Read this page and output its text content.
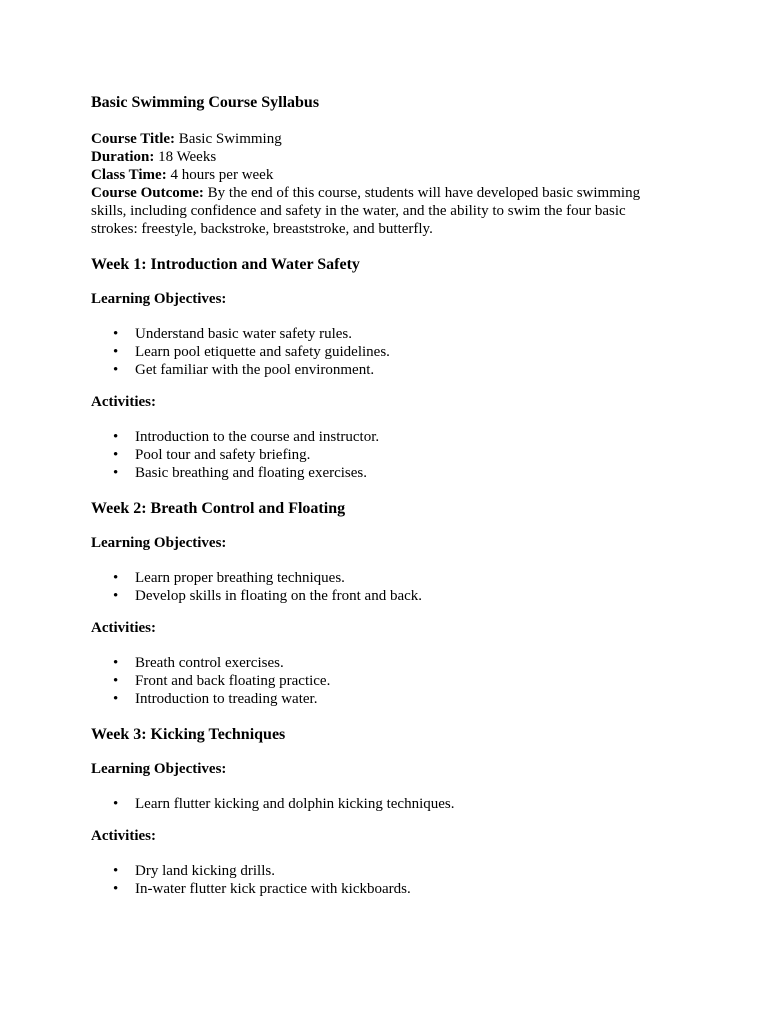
Basic Swimming Course Syllabus
Course Title: Basic Swimming
Duration: 18 Weeks
Class Time: 4 hours per week
Course Outcome: By the end of this course, students will have developed basic swimming skills, including confidence and safety in the water, and the ability to swim the four basic strokes: freestyle, backstroke, breaststroke, and butterfly.
Week 1: Introduction and Water Safety
Learning Objectives:
• Understand basic water safety rules.
• Learn pool etiquette and safety guidelines.
• Get familiar with the pool environment.
Activities:
• Introduction to the course and instructor.
• Pool tour and safety briefing.
• Basic breathing and floating exercises.
Week 2: Breath Control and Floating
Learning Objectives:
• Learn proper breathing techniques.
• Develop skills in floating on the front and back.
Activities:
• Breath control exercises.
• Front and back floating practice.
• Introduction to treading water.
Week 3: Kicking Techniques
Learning Objectives:
• Learn flutter kicking and dolphin kicking techniques.
Activities:
• Dry land kicking drills.
• In-water flutter kick practice with kickboards.
